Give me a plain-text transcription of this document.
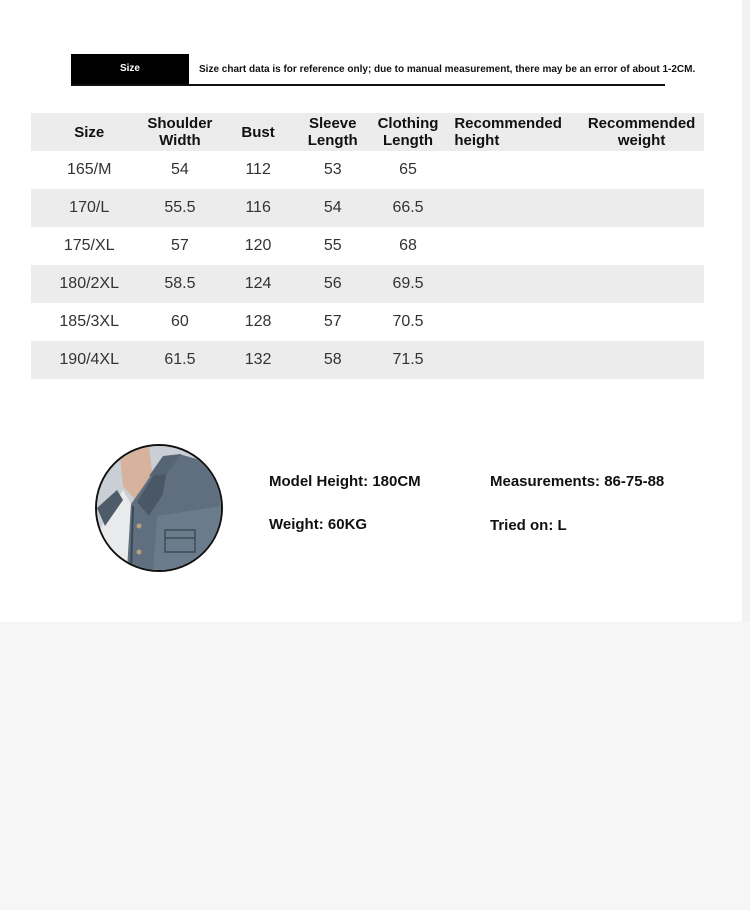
Size Recommendation
Size chart data is for reference only; due to manual measurement, there may be an error of about 1-2CM.
Size	Shoulder Width	Bust	Sleeve Length	Clothing Length	Recommended height	Recommended weight
165/M	54	112	53	65		
170/L	55.5	116	54	66.5		
175/XL	57	120	55	68		
180/2XL	58.5	124	56	69.5		
185/3XL	60	128	57	70.5		
190/4XL	61.5	132	58	71.5		
Model Height: 180CM
Weight: 60KG
Measurements: 86-75-88
Tried on: L
